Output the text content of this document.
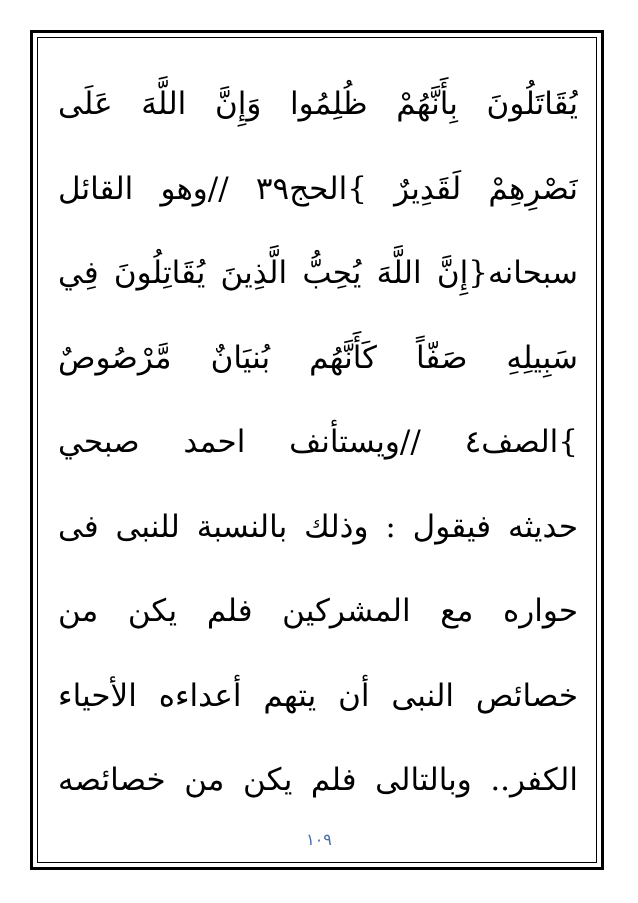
يُقَاتَلُونَ بِأَنَّهُمْ ظُلِمُوا وَإِنَّ اللَّهَ عَلَى
نَصْرِهِمْ لَقَدِيرٌ }الحج٣٩ //وهو القائل
سبحانه{إِنَّ اللَّهَ يُحِبُّ الَّذِينَ يُقَاتِلُونَ فِي
سَبِيلِهِ صَفّاً كَأَنَّهُم بُنيَانٌ مَّرْصُوصٌ
}الصف٤ //ويستأنف احمد صبحي
حديثه فيقول : وذلك بالنسبة للنبى فى
حواره مع المشركين فلم يكن من
خصائص النبى أن يتهم أعداءه الأحياء
الكفر.. وبالتالى فلم يكن من خصائصه
١٠٩
